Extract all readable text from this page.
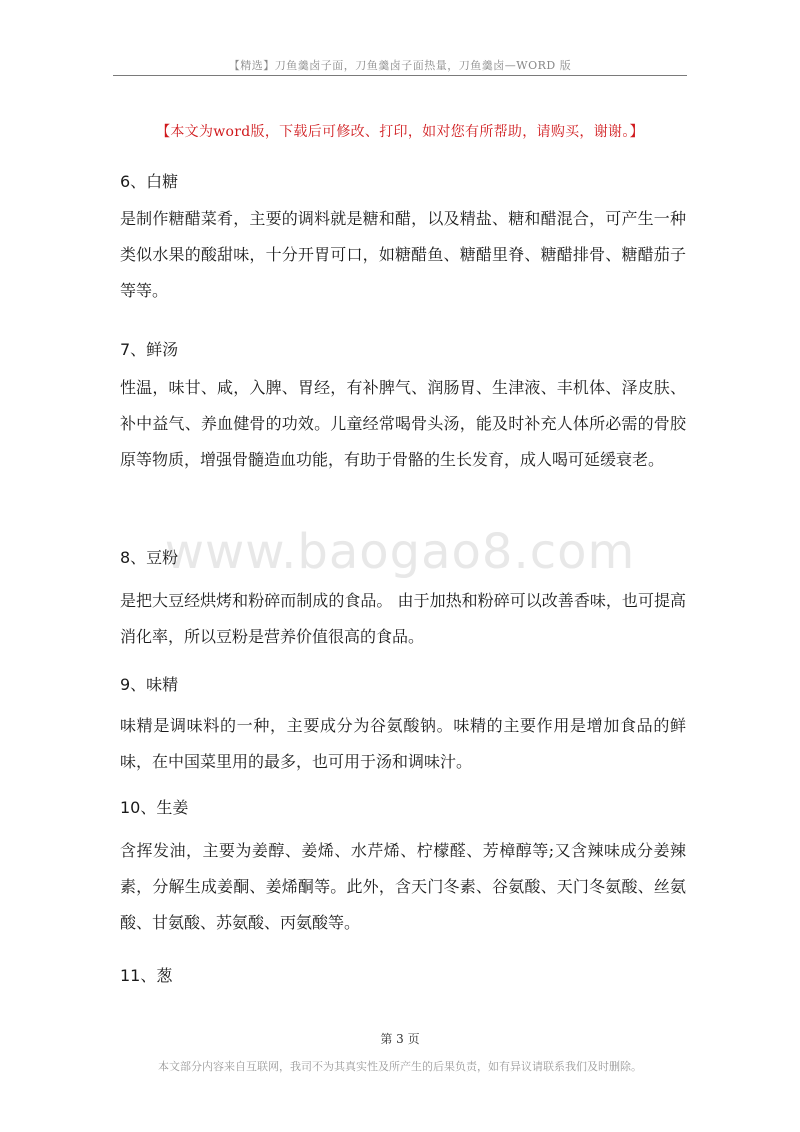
【精选】刀鱼羹卤子面，刀鱼羹卤子面热量，刀鱼羹卤—WORD 版
【本文为word版，下载后可修改、打印，如对您有所帮助，请购买，谢谢。】
www.baogao8.com
6、白糖
是制作糖醋菜肴，主要的调料就是糖和醋，以及精盐、糖和醋混合，可产生一种类似水果的酸甜味，十分开胃可口，如糖醋鱼、糖醋里脊、糖醋排骨、糖醋茄子等等。
7、鲜汤
性温，味甘、咸，入脾、胃经，有补脾气、润肠胃、生津液、丰机体、泽皮肤、补中益气、养血健骨的功效。儿童经常喝骨头汤，能及时补充人体所必需的骨胶原等物质，增强骨髓造血功能，有助于骨骼的生长发育，成人喝可延缓衰老。
8、豆粉
是把大豆经烘烤和粉碎而制成的食品。 由于加热和粉碎可以改善香味，也可提高消化率，所以豆粉是营养价值很高的食品。
9、味精
味精是调味料的一种，主要成分为谷氨酸钠。味精的主要作用是增加食品的鲜味，在中国菜里用的最多，也可用于汤和调味汁。
10、生姜
含挥发油，主要为姜醇、姜烯、水芹烯、柠檬醛、芳樟醇等;又含辣味成分姜辣素，分解生成姜酮、姜烯酮等。此外，含天门冬素、谷氨酸、天门冬氨酸、丝氨酸、甘氨酸、苏氨酸、丙氨酸等。
11、葱
第 3 页
本文部分内容来自互联网，我司不为其真实性及所产生的后果负责，如有异议请联系我们及时删除。
